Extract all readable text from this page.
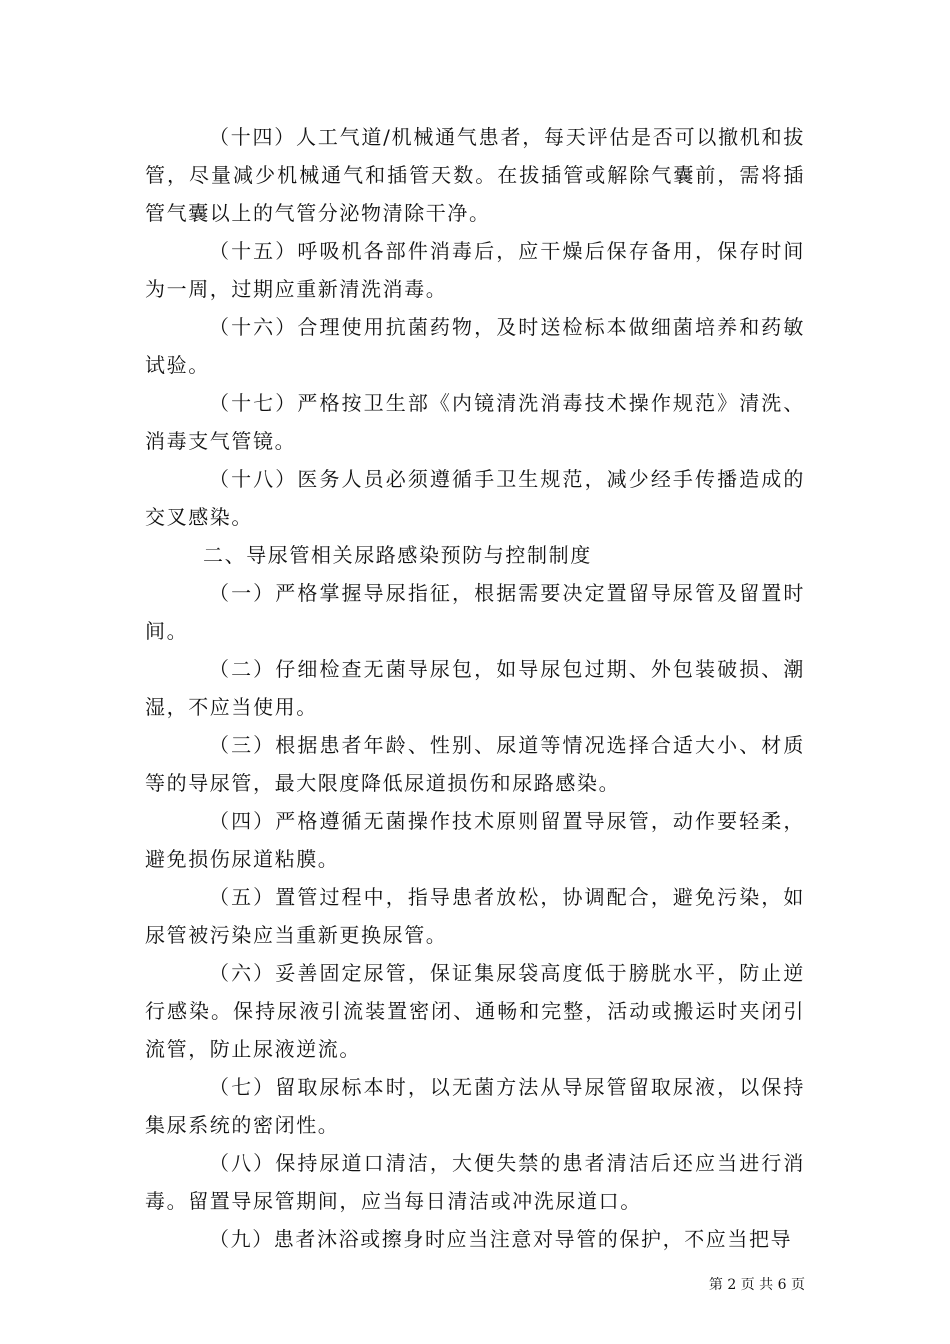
（十四）人工气道/机械通气患者，每天评估是否可以撤机和拔管，尽量减少机械通气和插管天数。在拔插管或解除气囊前，需将插管气囊以上的气管分泌物清除干净。

（十五）呼吸机各部件消毒后，应干燥后保存备用，保存时间为一周，过期应重新清洗消毒。

（十六）合理使用抗菌药物，及时送检标本做细菌培养和药敏试验。

（十七）严格按卫生部《内镜清洗消毒技术操作规范》清洗、消毒支气管镜。

（十八）医务人员必须遵循手卫生规范，减少经手传播造成的交叉感染。

二、导尿管相关尿路感染预防与控制制度

（一）严格掌握导尿指征，根据需要决定置留导尿管及留置时间。

（二）仔细检查无菌导尿包，如导尿包过期、外包装破损、潮湿，不应当使用。

（三）根据患者年龄、性别、尿道等情况选择合适大小、材质等的导尿管，最大限度降低尿道损伤和尿路感染。

（四）严格遵循无菌操作技术原则留置导尿管，动作要轻柔，避免损伤尿道粘膜。

（五）置管过程中，指导患者放松，协调配合，避免污染，如尿管被污染应当重新更换尿管。

（六）妥善固定尿管，保证集尿袋高度低于膀胱水平，防止逆行感染。保持尿液引流装置密闭、通畅和完整，活动或搬运时夹闭引流管，防止尿液逆流。

（七）留取尿标本时，以无菌方法从导尿管留取尿液，以保持集尿系统的密闭性。

（八）保持尿道口清洁，大便失禁的患者清洁后还应当进行消毒。留置导尿管期间，应当每日清洁或冲洗尿道口。

（九）患者沐浴或擦身时应当注意对导管的保护，不应当把导

第 2 页 共 6 页
